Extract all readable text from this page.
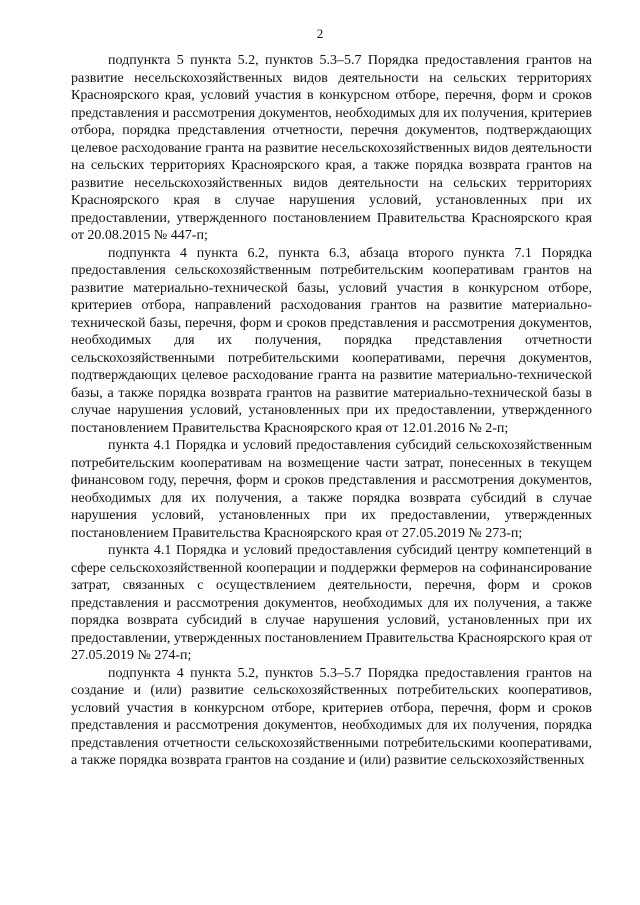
2

подпункта 5 пункта 5.2, пунктов 5.3–5.7 Порядка предоставления грантов на развитие несельскохозяйственных видов деятельности на сельских территориях Красноярского края, условий участия в конкурсном отборе, перечня, форм и сроков представления и рассмотрения документов, необходимых для их получения, критериев отбора, порядка представления отчетности, перечня документов, подтверждающих целевое расходование гранта на развитие несельскохозяйственных видов деятельности на сельских территориях Красноярского края, а также порядка возврата грантов на развитие несельскохозяйственных видов деятельности на сельских территориях Красноярского края в случае нарушения условий, установленных при их предоставлении, утвержденного постановлением Правительства Красноярского края от 20.08.2015 № 447-п;

подпункта 4 пункта 6.2, пункта 6.3, абзаца второго пункта 7.1 Порядка предоставления сельскохозяйственным потребительским кооперативам грантов на развитие материально-технической базы, условий участия в конкурсном отборе, критериев отбора, направлений расходования грантов на развитие материально-технической базы, перечня, форм и сроков представления и рассмотрения документов, необходимых для их получения, порядка представления отчетности сельскохозяйственными потребительскими кооперативами, перечня документов, подтверждающих целевое расходование гранта на развитие материально-технической базы, а также порядка возврата грантов на развитие материально-технической базы в случае нарушения условий, установленных при их предоставлении, утвержденного постановлением Правительства Красноярского края от 12.01.2016 № 2-п;

пункта 4.1 Порядка и условий предоставления субсидий сельскохозяйственным потребительским кооперативам на возмещение части затрат, понесенных в текущем финансовом году, перечня, форм и сроков представления и рассмотрения документов, необходимых для их получения, а также порядка возврата субсидий в случае нарушения условий, установленных при их предоставлении, утвержденных постановлением Правительства Красноярского края от 27.05.2019 № 273-п;

пункта 4.1 Порядка и условий предоставления субсидий центру компетенций в сфере сельскохозяйственной кооперации и поддержки фермеров на софинансирование затрат, связанных с осуществлением деятельности, перечня, форм и сроков представления и рассмотрения документов, необходимых для их получения, а также порядка возврата субсидий в случае нарушения условий, установленных при их предоставлении, утвержденных постановлением Правительства Красноярского края от 27.05.2019 № 274-п;

подпункта 4 пункта 5.2, пунктов 5.3–5.7 Порядка предоставления грантов на создание и (или) развитие сельскохозяйственных потребительских кооперативов, условий участия в конкурсном отборе, критериев отбора, перечня, форм и сроков представления и рассмотрения документов, необходимых для их получения, порядка представления отчетности сельскохозяйственными потребительскими кооперативами, а также порядка возврата грантов на создание и (или) развитие сельскохозяйственных
